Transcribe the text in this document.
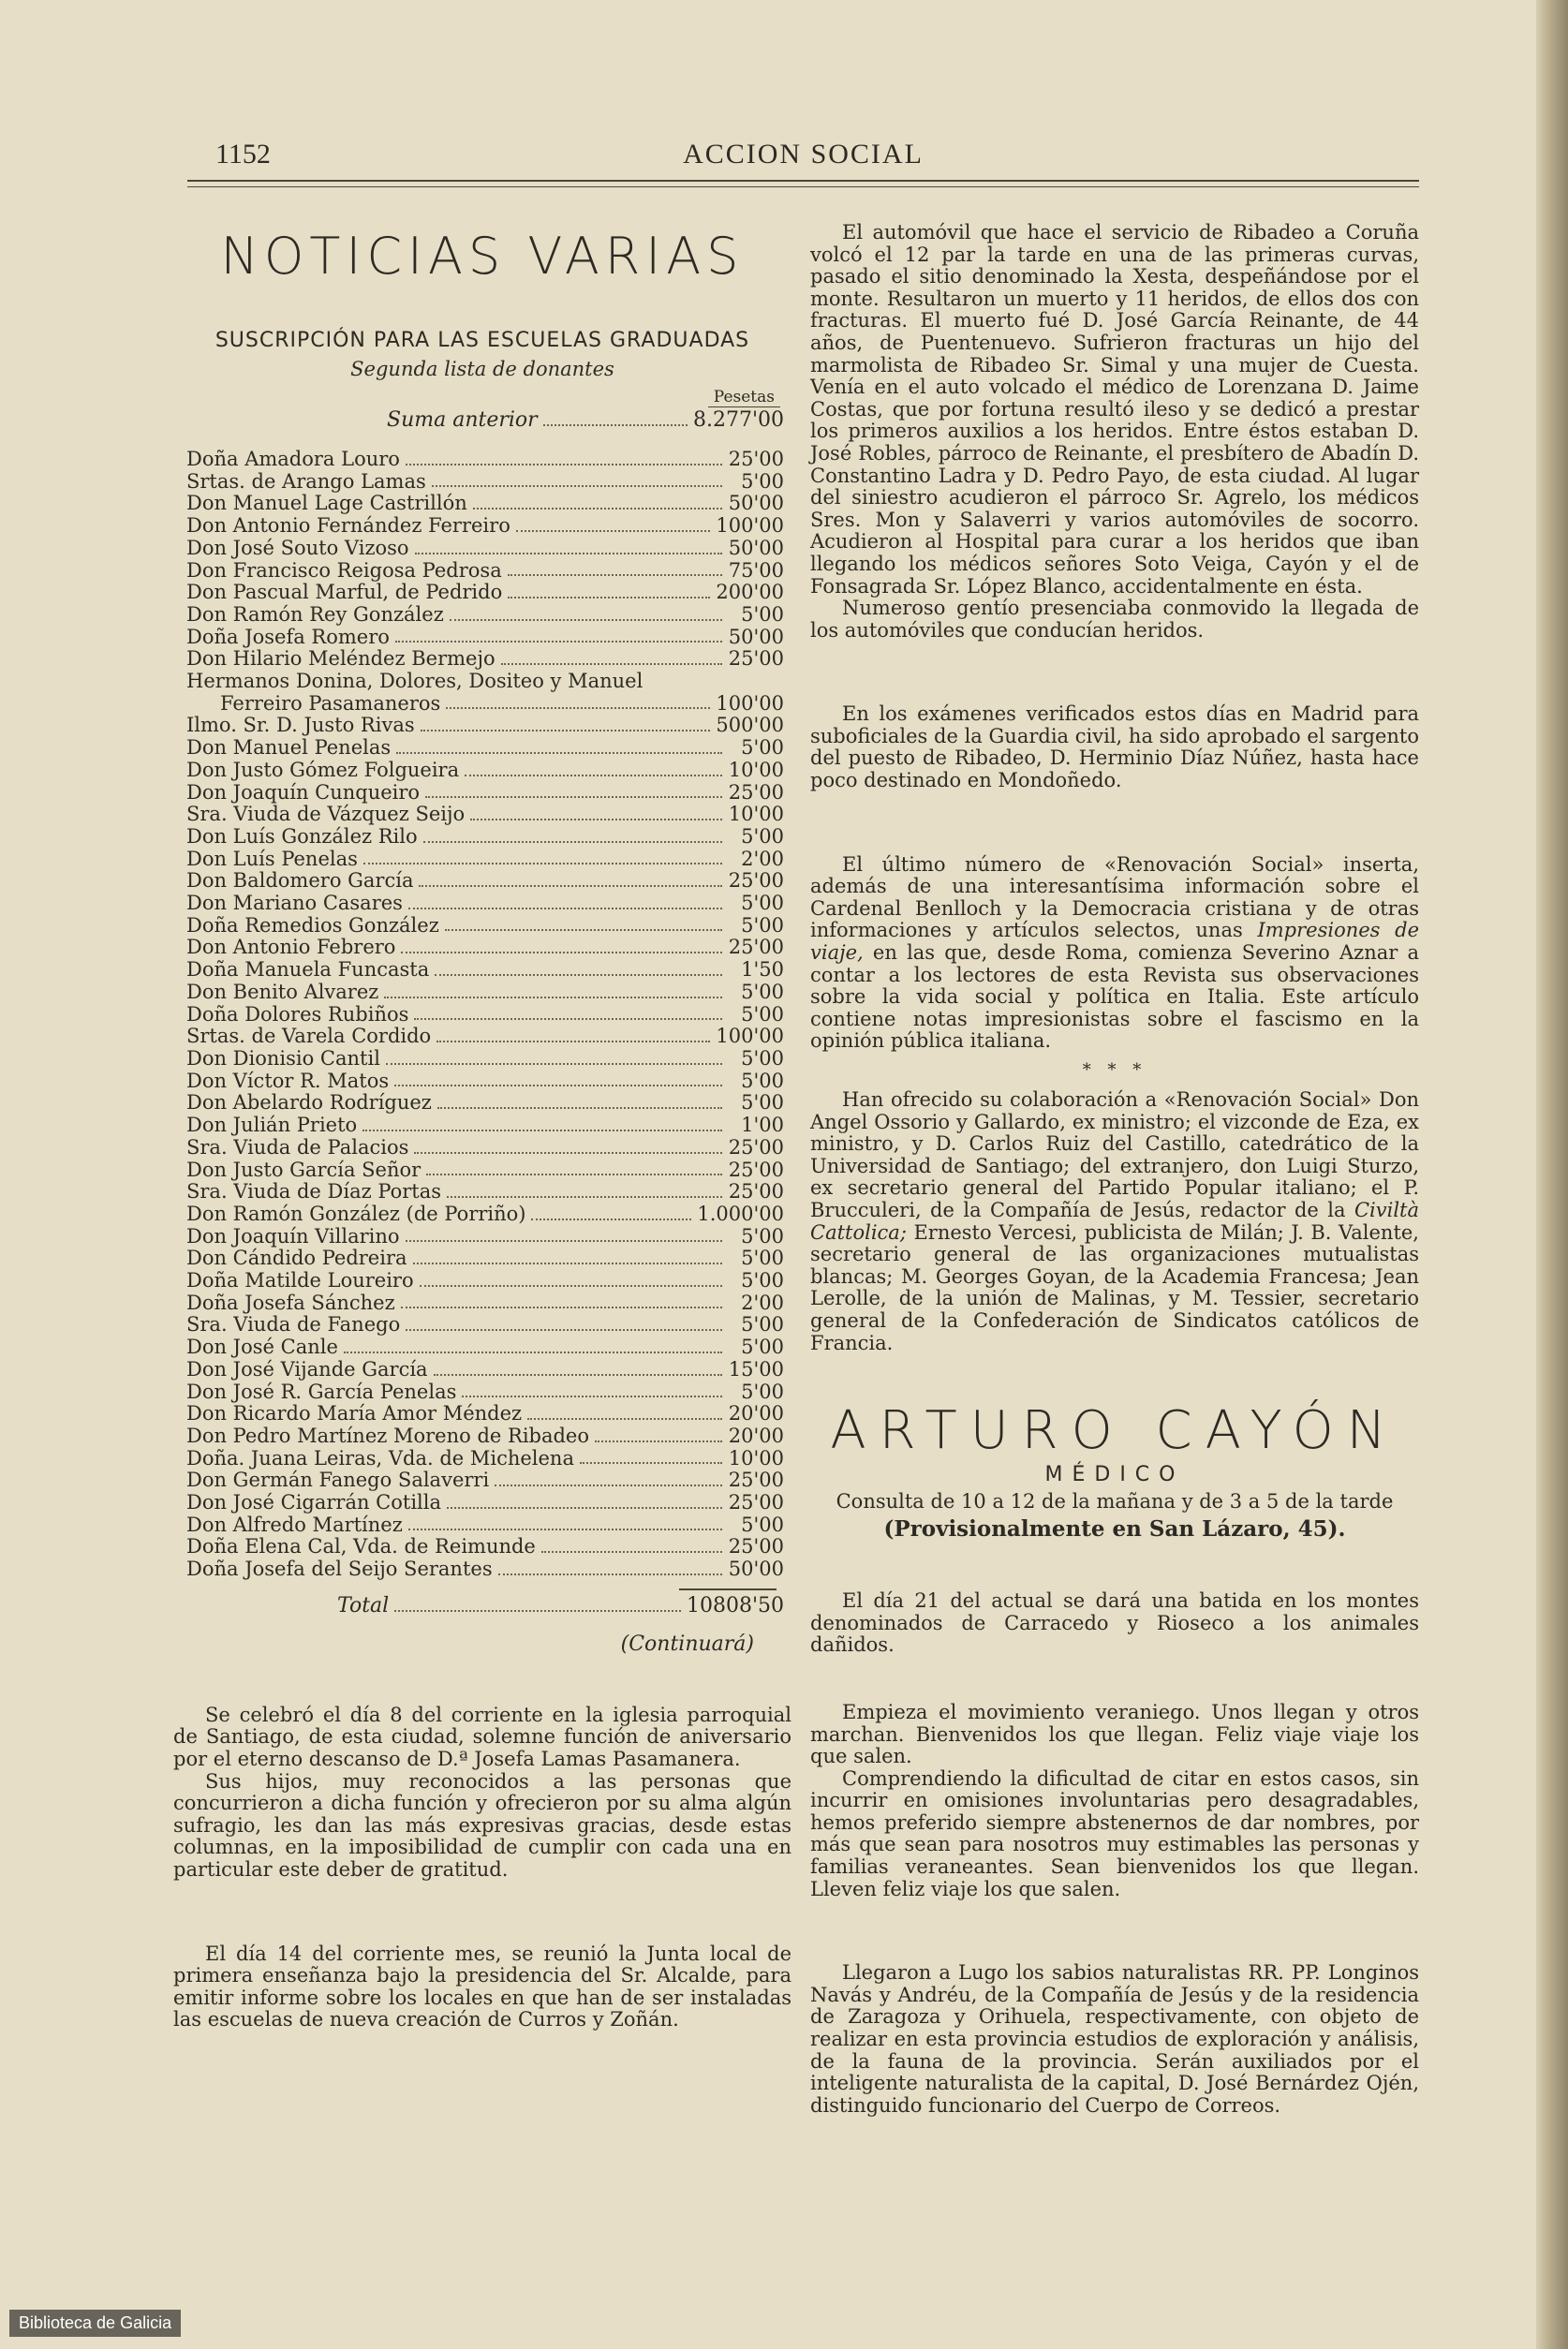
ACCION SOCIAL
1152
NOTICIAS VARIAS
SUSCRIPCIÓN PARA LAS ESCUELAS GRADUADAS
Segunda lista de donantes
Pesetas
Suma anterior	8.277'00
Doña Amadora Louro	25'00
Srtas. de Arango Lamas	5'00
Don Manuel Lage Castrillón	50'00
Don Antonio Fernández Ferreiro	100'00
Don José Souto Vizoso	50'00
Don Francisco Reigosa Pedrosa	75'00
Don Pascual Marful, de Pedrido	200'00
Don Ramón Rey González	5'00
Doña Josefa Romero	50'00
Don Hilario Meléndez Bermejo	25'00
Hermanos Donina, Dolores, Dositeo y Manuel
Ferreiro Pasamaneros	100'00
Ilmo. Sr. D. Justo Rivas	500'00
Don Manuel Penelas	5'00
Don Justo Gómez Folgueira	10'00
Don Joaquín Cunqueiro	25'00
Sra. Viuda de Vázquez Seijo	10'00
Don Luís González Rilo	5'00
Don Luís Penelas	2'00
Don Baldomero García	25'00
Don Mariano Casares	5'00
Doña Remedios González	5'00
Don Antonio Febrero	25'00
Doña Manuela Funcasta	1'50
Don Benito Alvarez	5'00
Doña Dolores Rubiños	5'00
Srtas. de Varela Cordido	100'00
Don Dionisio Cantil	5'00
Don Víctor R. Matos	5'00
Don Abelardo Rodríguez	5'00
Don Julián Prieto	1'00
Sra. Viuda de Palacios	25'00
Don Justo García Señor	25'00
Sra. Viuda de Díaz Portas	25'00
Don Ramón González (de Porriño)	1.000'00
Don Joaquín Villarino	5'00
Don Cándido Pedreira	5'00
Doña Matilde Loureiro	5'00
Doña Josefa Sánchez	2'00
Sra. Viuda de Fanego	5'00
Don José Canle	5'00
Don José Vijande García	15'00
Don José R. García Penelas	5'00
Don Ricardo María Amor Méndez	20'00
Don Pedro Martínez Moreno de Ribadeo	20'00
Doña. Juana Leiras, Vda. de Michelena	10'00
Don Germán Fanego Salaverri	25'00
Don José Cigarrán Cotilla	25'00
Don Alfredo Martínez	5'00
Doña Elena Cal, Vda. de Reimunde	25'00
Doña Josefa del Seijo Serantes	50'00
Total	10808'50
(Continuará)

Se celebró el día 8 del corriente en la iglesia parroquial de Santiago, de esta ciudad, solemne función de aniversario por el eterno descanso de D.ª Josefa Lamas Pasamanera.

Sus hijos, muy reconocidos a las personas que concurrieron a dicha función y ofrecieron por su alma algún sufragio, les dan las más expresivas gracias, desde estas columnas, en la imposibilidad de cumplir con cada una en particular este deber de gratitud.

El día 14 del corriente mes, se reunió la Junta local de primera enseñanza bajo la presidencia del Sr. Alcalde, para emitir informe sobre los locales en que han de ser instaladas las escuelas de nueva creación de Curros y Zoñán.

El automóvil que hace el servicio de Ribadeo a Coruña volcó el 12 par la tarde en una de las primeras curvas, pasado el sitio denominado la Xesta, despeñándose por el monte. Resultaron un muerto y 11 heridos, de ellos dos con fracturas. El muerto fué D. José García Reinante, de 44 años, de Puentenuevo. Sufrieron fracturas un hijo del marmolista de Ribadeo Sr. Simal y una mujer de Cuesta. Venía en el auto volcado el médico de Lorenzana D. Jaime Costas, que por fortuna resultó ileso y se dedicó a prestar los primeros auxilios a los heridos. Entre éstos estaban D. José Robles, párroco de Reinante, el presbítero de Abadín D. Constantino Ladra y D. Pedro Payo, de esta ciudad. Al lugar del siniestro acudieron el párroco Sr. Agrelo, los médicos Sres. Mon y Salaverri y varios automóviles de socorro. Acudieron al Hospital para curar a los heridos que iban llegando los médicos señores Soto Veiga, Cayón y el de Fonsagrada Sr. López Blanco, accidentalmente en ésta.

Numeroso gentío presenciaba conmovido la llegada de los automóviles que conducían heridos.

En los exámenes verificados estos días en Madrid para suboficiales de la Guardia civil, ha sido aprobado el sargento del puesto de Ribadeo, D. Herminio Díaz Núñez, hasta hace poco destinado en Mondoñedo.

El último número de «Renovación Social» inserta, además de una interesantísima información sobre el Cardenal Benlloch y la Democracia cristiana y de otras informaciones y artículos selectos, unas Impresiones de viaje, en las que, desde Roma, comienza Severino Aznar a contar a los lectores de esta Revista sus observaciones sobre la vida social y política en Italia. Este artículo contiene notas impresionistas sobre el fascismo en la opinión pública italiana.

* * *

Han ofrecido su colaboración a «Renovación Social» Don Angel Ossorio y Gallardo, ex ministro; el vizconde de Eza, ex ministro, y D. Carlos Ruiz del Castillo, catedrático de la Universidad de Santiago; del extranjero, don Luigi Sturzo, ex secretario general del Partido Popular italiano; el P. Brucculeri, de la Compañía de Jesús, redactor de la Civiltà Cattolica; Ernesto Vercesi, publicista de Milán; J. B. Valente, secretario general de las organizaciones mutualistas blancas; M. Georges Goyan, de la Academia Francesa; Jean Lerolle, de la unión de Malinas, y M. Tessier, secretario general de la Confederación de Sindicatos católicos de Francia.

ARTURO CAYÓN
MÉDICO
Consulta de 10 a 12 de la mañana y de 3 a 5 de la tarde
(Provisionalmente en San Lázaro, 45).

El día 21 del actual se dará una batida en los montes denominados de Carracedo y Rioseco a los animales dañidos.

Empieza el movimiento veraniego. Unos llegan y otros marchan. Bienvenidos los que llegan. Feliz viaje viaje los que salen.

Comprendiendo la dificultad de citar en estos casos, sin incurrir en omisiones involuntarias pero desagradables, hemos preferido siempre abstenernos de dar nombres, por más que sean para nosotros muy estimables las personas y familias veraneantes. Sean bienvenidos los que llegan. Lleven feliz viaje los que salen.

Llegaron a Lugo los sabios naturalistas RR. PP. Longinos Navás y Andréu, de la Compañía de Jesús y de la residencia de Zaragoza y Orihuela, respectivamente, con objeto de realizar en esta provincia estudios de exploración y análisis, de la fauna de la provincia. Serán auxiliados por el inteligente naturalista de la capital, D. José Bernárdez Ojén, distinguido funcionario del Cuerpo de Correos.

Biblioteca de Galicia
